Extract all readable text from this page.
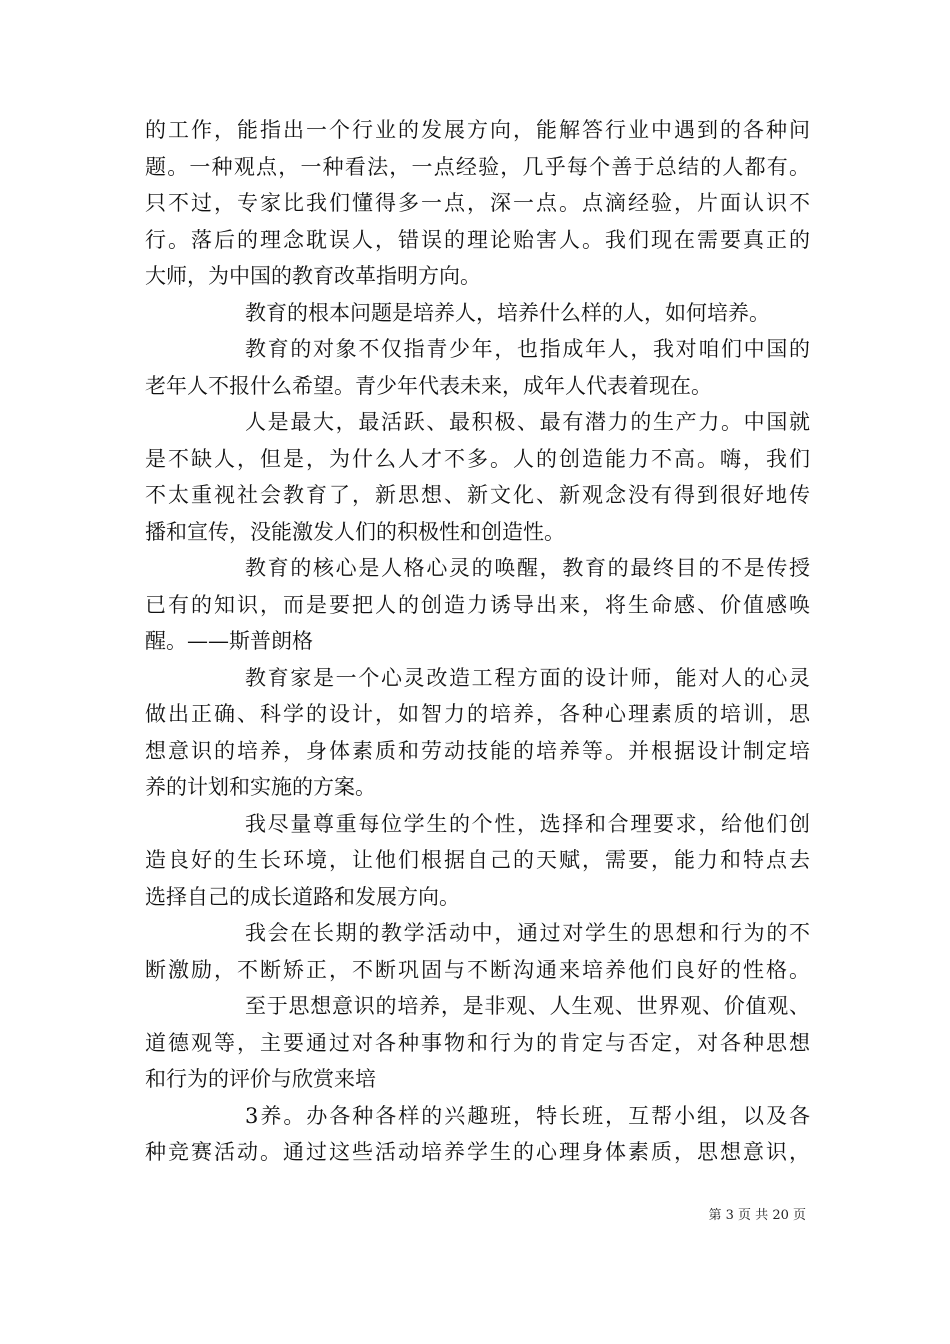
的工作，能指出一个行业的发展方向，能解答行业中遇到的各种问
题。一种观点，一种看法，一点经验，几乎每个善于总结的人都有。
只不过，专家比我们懂得多一点，深一点。点滴经验，片面认识不
行。落后的理念耽误人，错误的理论贻害人。我们现在需要真正的
大师，为中国的教育改革指明方向。
教育的根本问题是培养人，培养什么样的人，如何培养。
教育的对象不仅指青少年，也指成年人，我对咱们中国的
老年人不报什么希望。青少年代表未来，成年人代表着现在。
人是最大，最活跃、最积极、最有潜力的生产力。中国就
是不缺人，但是，为什么人才不多。人的创造能力不高。嗨，我们
不太重视社会教育了，新思想、新文化、新观念没有得到很好地传
播和宣传，没能激发人们的积极性和创造性。
教育的核心是人格心灵的唤醒，教育的最终目的不是传授
已有的知识，而是要把人的创造力诱导出来，将生命感、价值感唤
醒。——斯普朗格
教育家是一个心灵改造工程方面的设计师，能对人的心灵
做出正确、科学的设计，如智力的培养，各种心理素质的培训，思
想意识的培养，身体素质和劳动技能的培养等。并根据设计制定培
养的计划和实施的方案。
我尽量尊重每位学生的个性，选择和合理要求，给他们创
造良好的生长环境，让他们根据自己的天赋，需要，能力和特点去
选择自己的成长道路和发展方向。
我会在长期的教学活动中，通过对学生的思想和行为的不
断激励，不断矫正，不断巩固与不断沟通来培养他们良好的性格。
至于思想意识的培养，是非观、人生观、世界观、价值观、
道德观等，主要通过对各种事物和行为的肯定与否定，对各种思想
和行为的评价与欣赏来培
3养。办各种各样的兴趣班，特长班，互帮小组，以及各
种竞赛活动。通过这些活动培养学生的心理身体素质，思想意识，
第 3 页 共 20 页
